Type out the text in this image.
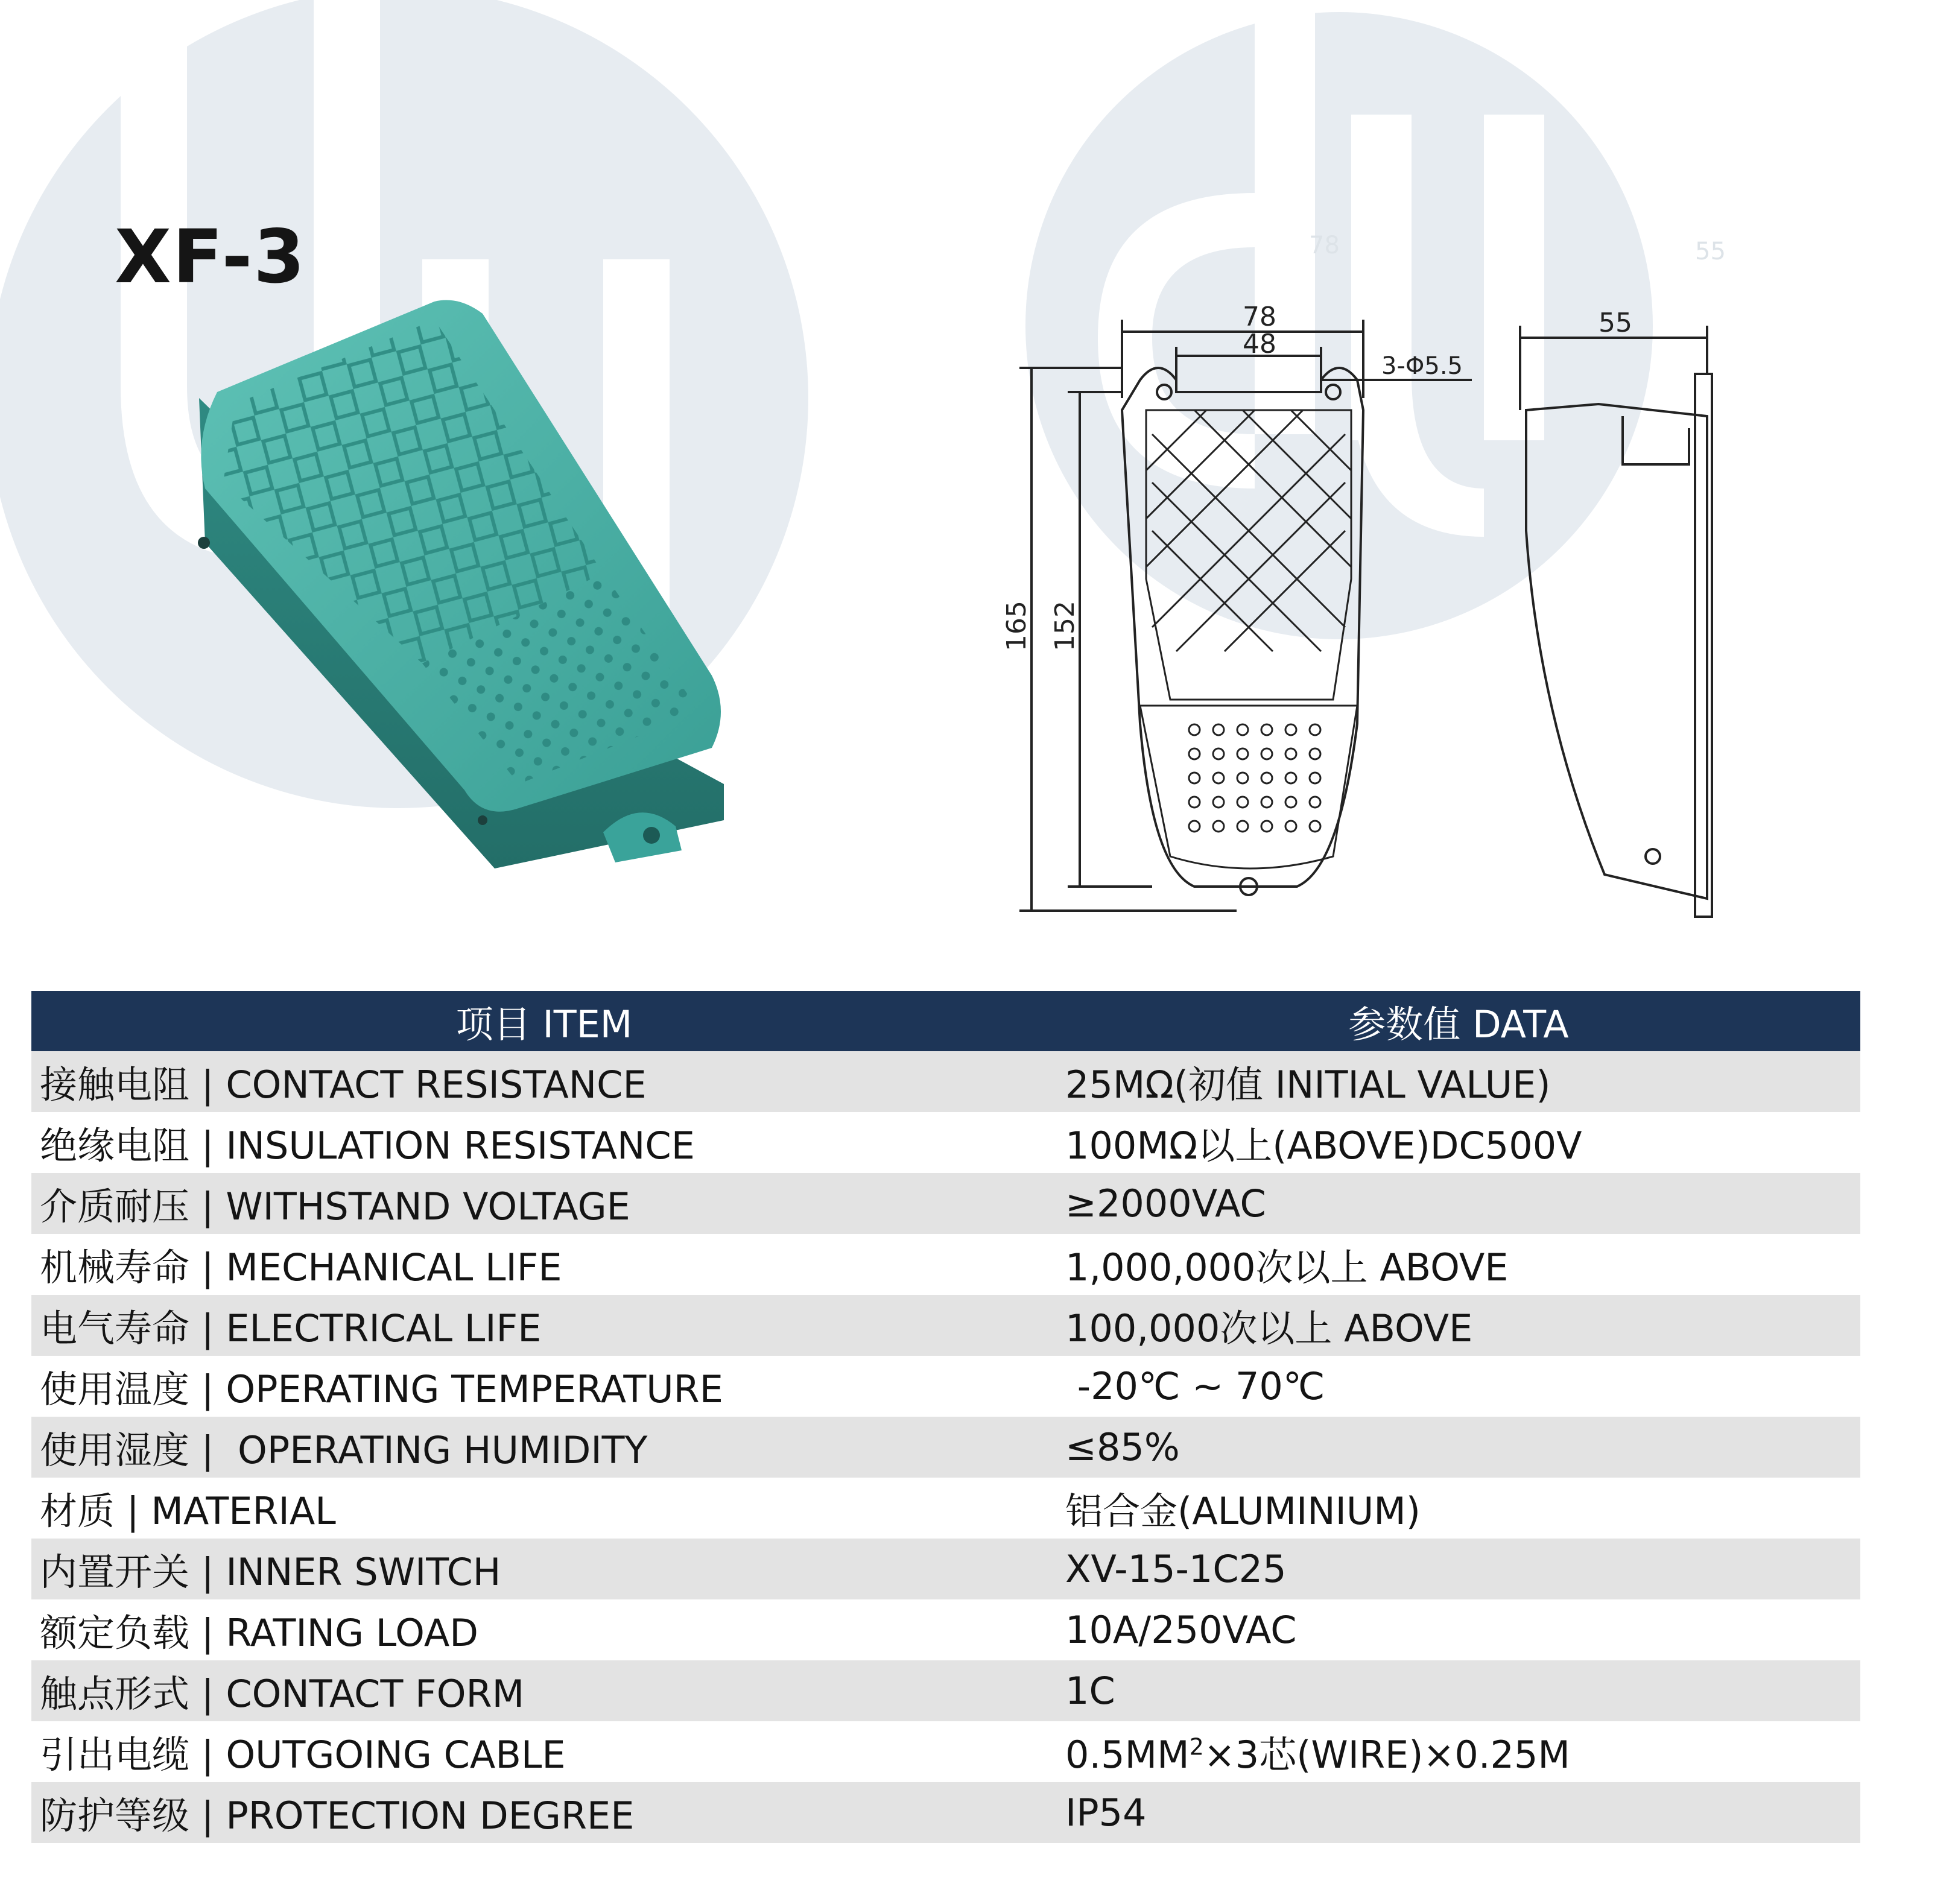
XF-3	78	55
78
48
3-Φ5.5
165 152
55
项目 ITEM	参数值 DATA
接触电阻 | CONTACT RESISTANCE	25MΩ(初值 INITIAL VALUE)
绝缘电阻 | INSULATION RESISTANCE	100MΩ以上(ABOVE)DC500V
介质耐压 | WITHSTAND VOLTAGE	≥2000VAC
机械寿命 | MECHANICAL LIFE	1,000,000次以上 ABOVE
电气寿命 | ELECTRICAL LIFE	100,000次以上 ABOVE
使用温度 | OPERATING TEMPERATURE	-20℃ ~ 70℃
使用湿度 |  OPERATING HUMIDITY	≤85%
材质 | MATERIAL	铝合金(ALUMINIUM)
内置开关 | INNER SWITCH	XV-15-1C25
额定负载 | RATING LOAD	10A/250VAC
触点形式 | CONTACT FORM	1C
引出电缆 | OUTGOING CABLE	$0.5MM^2\times 3$芯(WIRE)×0.25M
防护等级 | PROTECTION DEGREE	IP54
